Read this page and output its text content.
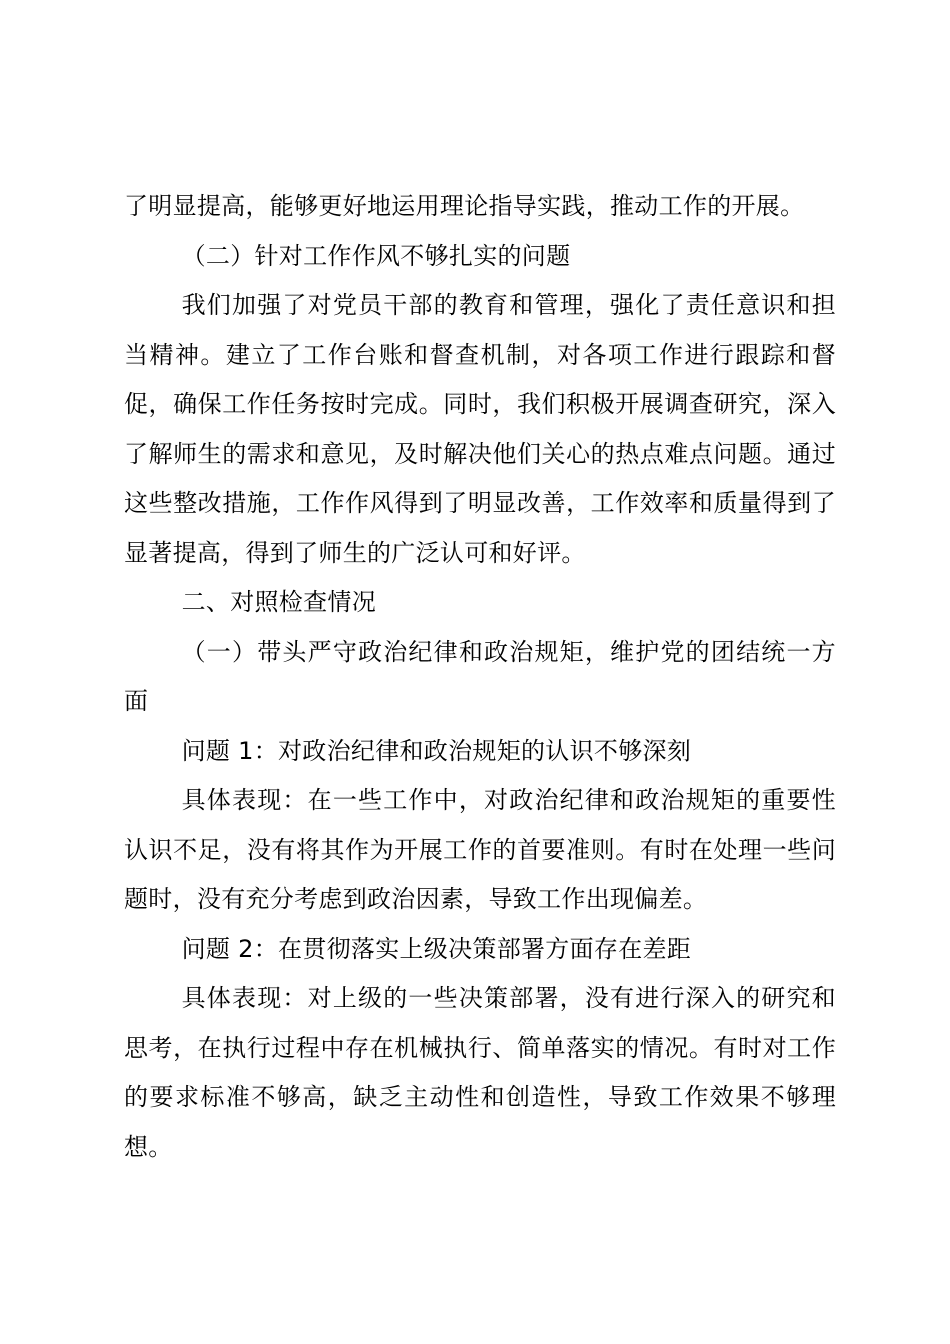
了明显提高，能够更好地运用理论指导实践，推动工作的开展。

（二）针对工作作风不够扎实的问题

我们加强了对党员干部的教育和管理，强化了责任意识和担当精神。建立了工作台账和督查机制，对各项工作进行跟踪和督促，确保工作任务按时完成。同时，我们积极开展调查研究，深入了解师生的需求和意见，及时解决他们关心的热点难点问题。通过这些整改措施，工作作风得到了明显改善，工作效率和质量得到了显著提高，得到了师生的广泛认可和好评。

二、对照检查情况

（一）带头严守政治纪律和政治规矩，维护党的团结统一方面

问题 1：对政治纪律和政治规矩的认识不够深刻

具体表现：在一些工作中，对政治纪律和政治规矩的重要性认识不足，没有将其作为开展工作的首要准则。有时在处理一些问题时，没有充分考虑到政治因素，导致工作出现偏差。

问题 2：在贯彻落实上级决策部署方面存在差距

具体表现：对上级的一些决策部署，没有进行深入的研究和思考，在执行过程中存在机械执行、简单落实的情况。有时对工作的要求标准不够高，缺乏主动性和创造性，导致工作效果不够理想。
